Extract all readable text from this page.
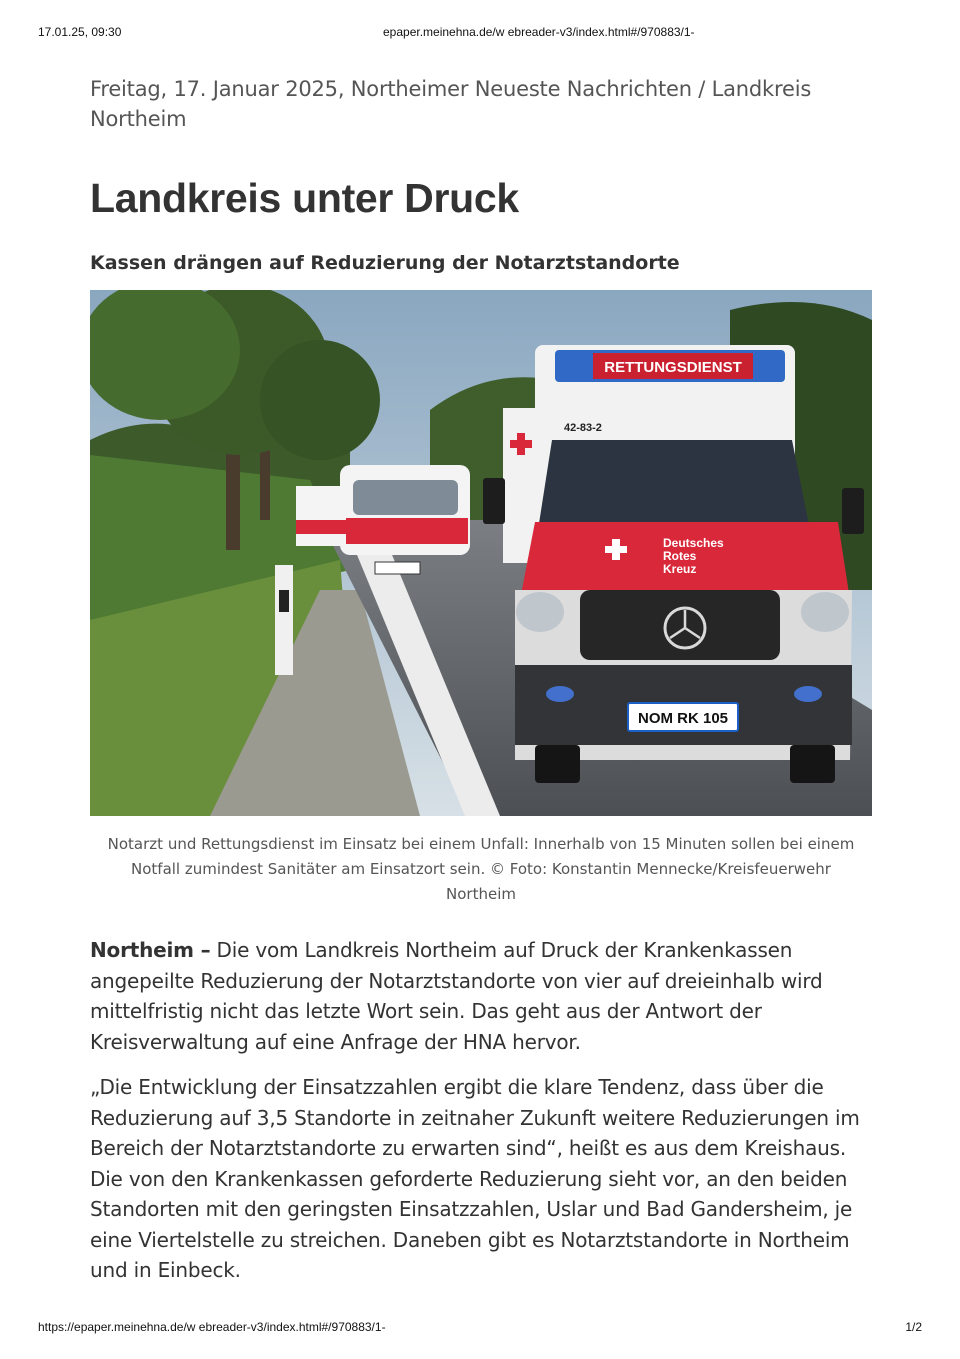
17.01.25, 09:30	epaper.meinehna.de/w ebreader-v3/index.html#/970883/1-

Freitag, 17. Januar 2025, Northeimer Neueste Nachrichten / Landkreis Northeim

Landkreis unter Druck
Kassen drängen auf Reduzierung der Notarztstandorte
RETTUNGSDIENST
42-83-2
Deutsches
Rotes
Kreuz
NOM RK 105

Notarzt und Rettungsdienst im Einsatz bei einem Unfall: Innerhalb von 15 Minuten sollen bei einem Notfall zumindest Sanitäter am Einsatzort sein. © Foto: Konstantin Mennecke/Kreisfeuerwehr Northeim

Northeim – Die vom Landkreis Northeim auf Druck der Krankenkassen angepeilte Reduzierung der Notarztstandorte von vier auf dreieinhalb wird mittelfristig nicht das letzte Wort sein. Das geht aus der Antwort der Kreisverwaltung auf eine Anfrage der HNA hervor.

„Die Entwicklung der Einsatzzahlen ergibt die klare Tendenz, dass über die Reduzierung auf 3,5 Standorte in zeitnaher Zukunft weitere Reduzierungen im Bereich der Notarztstandorte zu erwarten sind“, heißt es aus dem Kreishaus. Die von den Krankenkassen geforderte Reduzierung sieht vor, an den beiden Standorten mit den geringsten Einsatzzahlen, Uslar und Bad Gandersheim, je eine Viertelstelle zu streichen. Daneben gibt es Notarztstandorte in Northeim und in Einbeck.

https://epaper.meinehna.de/w ebreader-v3/index.html#/970883/1-	1/2
